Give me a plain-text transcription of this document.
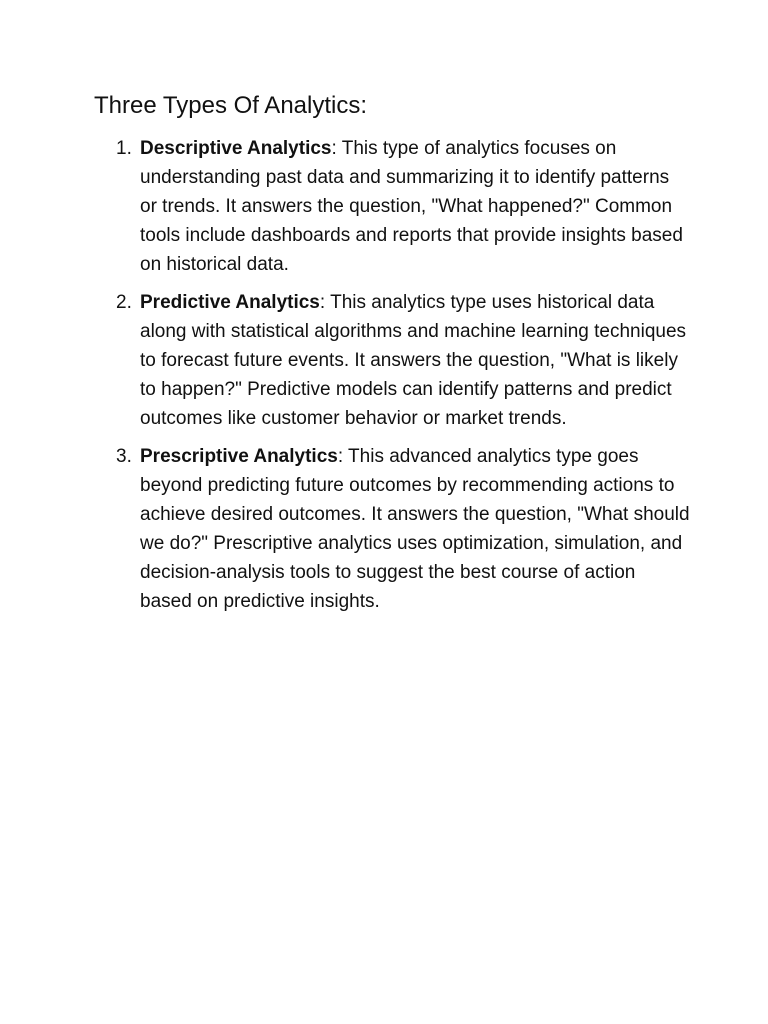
Three Types Of Analytics:
1. Descriptive Analytics: This type of analytics focuses on understanding past data and summarizing it to identify patterns or trends. It answers the question, "What happened?" Common tools include dashboards and reports that provide insights based on historical data.
2. Predictive Analytics: This analytics type uses historical data along with statistical algorithms and machine learning techniques to forecast future events. It answers the question, "What is likely to happen?" Predictive models can identify patterns and predict outcomes like customer behavior or market trends.
3. Prescriptive Analytics: This advanced analytics type goes beyond predicting future outcomes by recommending actions to achieve desired outcomes. It answers the question, "What should we do?" Prescriptive analytics uses optimization, simulation, and decision-analysis tools to suggest the best course of action based on predictive insights.
